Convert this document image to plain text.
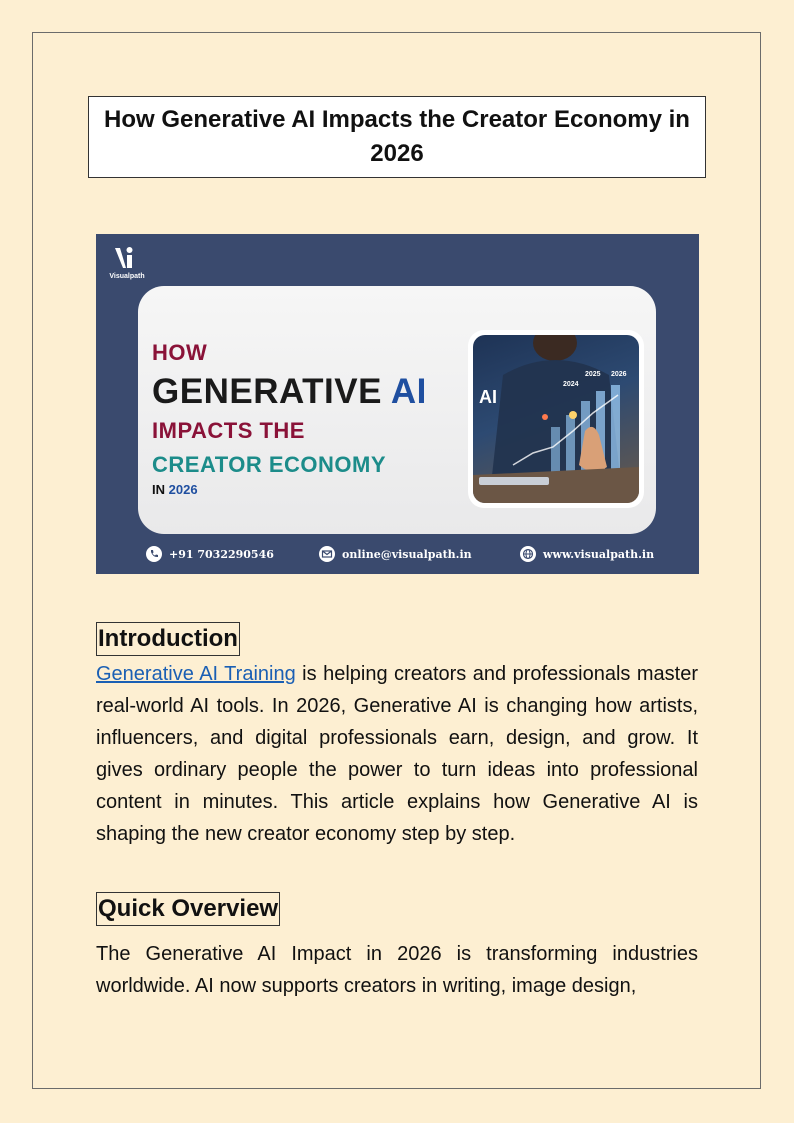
How Generative AI Impacts the Creator Economy in 2026
Visualpath
HOW
GENERATIVE AI
IMPACTS THE
CREATOR ECONOMY
IN 2026
AI
2024
2025 2026
+91 7032290546	online@visualpath.in	www.visualpath.in
Introduction

Generative AI Training is helping creators and professionals master real-world AI tools. In 2026, Generative AI is changing how artists, influencers, and digital professionals earn, design, and grow. It gives ordinary people the power to turn ideas into professional content in minutes. This article explains how Generative AI is shaping the new creator economy step by step.

Quick Overview

The Generative AI Impact in 2026 is transforming industries worldwide. AI now supports creators in writing, image design,
